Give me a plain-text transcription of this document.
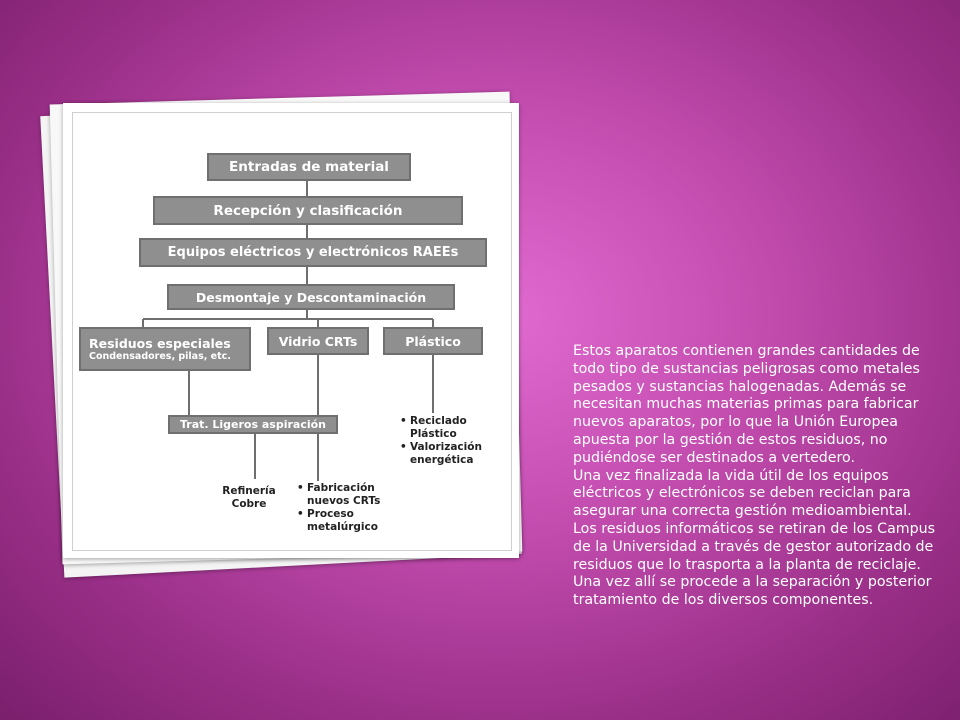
Entradas de material
Recepción y clasificación
Equipos eléctricos y electrónicos RAEEs
Desmontaje y Descontaminación
Residuos especiales
Condensadores, pilas, etc.
Vidrio CRTs	Plástico
Trat. Ligeros aspiración
Refinería
Cobre
• Fabricación
nuevos CRTs
• Proceso
metalúrgico
• Reciclado
Plástico
• Valorización
energética

Estos aparatos contienen grandes cantidades de todo tipo de sustancias peligrosas como metales pesados y sustancias halogenadas. Además se necesitan muchas materias primas para fabricar nuevos aparatos, por lo que la Unión Europea apuesta por la gestión de estos residuos, no pudiéndose ser destinados a vertedero.

Una vez finalizada la vida útil de los equipos eléctricos y electrónicos se deben reciclan para asegurar una correcta gestión medioambiental. Los residuos informáticos se retiran de los Campus de la Universidad a través de gestor autorizado de residuos que lo trasporta a la planta de reciclaje. Una vez allí se procede a la separación y posterior tratamiento de los diversos componentes.
